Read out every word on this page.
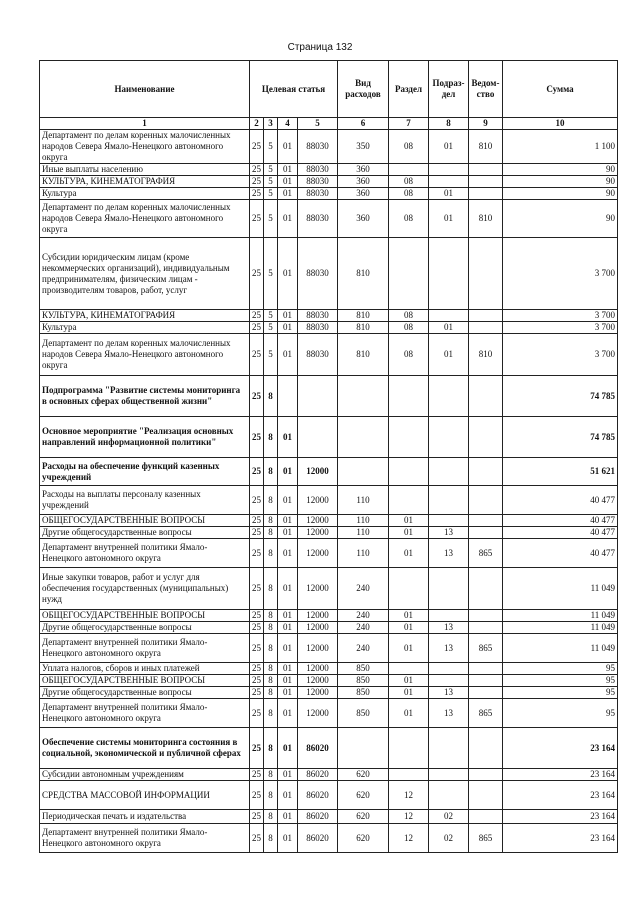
Страница 132
Наименование	Целевая статья				Вид расходов	Раздел	Подраз-дел	Ведом-ство	Сумма
1	2	3	4	5	6	7	8	9	10
Департамент по делам коренных малочисленных народов Севера Ямало-Ненецкого автономного округа	25	5	01	88030	350	08	01	810	1 100
Иные выплаты населению	25	5	01	88030	360				90
КУЛЬТУРА, КИНЕМАТОГРАФИЯ	25	5	01	88030	360	08			90
Культура	25	5	01	88030	360	08	01		90
Департамент по делам коренных малочисленных народов Севера Ямало-Ненецкого автономного округа	25	5	01	88030	360	08	01	810	90
Субсидии юридическим лицам (кроме некоммерческих организаций), индивидуальным предпринимателям, физическим лицам - производителям товаров, работ, услуг	25	5	01	88030	810				3 700
КУЛЬТУРА, КИНЕМАТОГРАФИЯ	25	5	01	88030	810	08			3 700
Культура	25	5	01	88030	810	08	01		3 700
Департамент по делам коренных малочисленных народов Севера Ямало-Ненецкого автономного округа	25	5	01	88030	810	08	01	810	3 700
Подпрограмма "Развитие системы мониторинга в основных сферах общественной жизни"	25	8							74 785
Основное мероприятие "Реализация основных направлений информационной политики"	25	8	01						74 785
Расходы на обеспечение функций казенных учреждений	25	8	01	12000					51 621
Расходы на выплаты персоналу казенных учреждений	25	8	01	12000	110				40 477
ОБЩЕГОСУДАРСТВЕННЫЕ ВОПРОСЫ	25	8	01	12000	110	01			40 477
Другие общегосударственные вопросы	25	8	01	12000	110	01	13		40 477
Департамент внутренней политики Ямало-Ненецкого автономного округа	25	8	01	12000	110	01	13	865	40 477
Иные закупки товаров, работ и услуг для обеспечения государственных (муниципальных) нужд	25	8	01	12000	240				11 049
ОБЩЕГОСУДАРСТВЕННЫЕ ВОПРОСЫ	25	8	01	12000	240	01			11 049
Другие общегосударственные вопросы	25	8	01	12000	240	01	13		11 049
Департамент внутренней политики Ямало-Ненецкого автономного округа	25	8	01	12000	240	01	13	865	11 049
Уплата налогов, сборов и иных платежей	25	8	01	12000	850				95
ОБЩЕГОСУДАРСТВЕННЫЕ ВОПРОСЫ	25	8	01	12000	850	01			95
Другие общегосударственные вопросы	25	8	01	12000	850	01	13		95
Департамент внутренней политики Ямало-Ненецкого автономного округа	25	8	01	12000	850	01	13	865	95
Обеспечение системы мониторинга состояния в социальной, экономической и публичной сферах	25	8	01	86020					23 164
Субсидии автономным учреждениям	25	8	01	86020	620				23 164
СРЕДСТВА МАССОВОЙ ИНФОРМАЦИИ	25	8	01	86020	620	12			23 164
Периодическая печать и издательства	25	8	01	86020	620	12	02		23 164
Департамент внутренней политики Ямало-Ненецкого автономного округа	25	8	01	86020	620	12	02	865	23 164
